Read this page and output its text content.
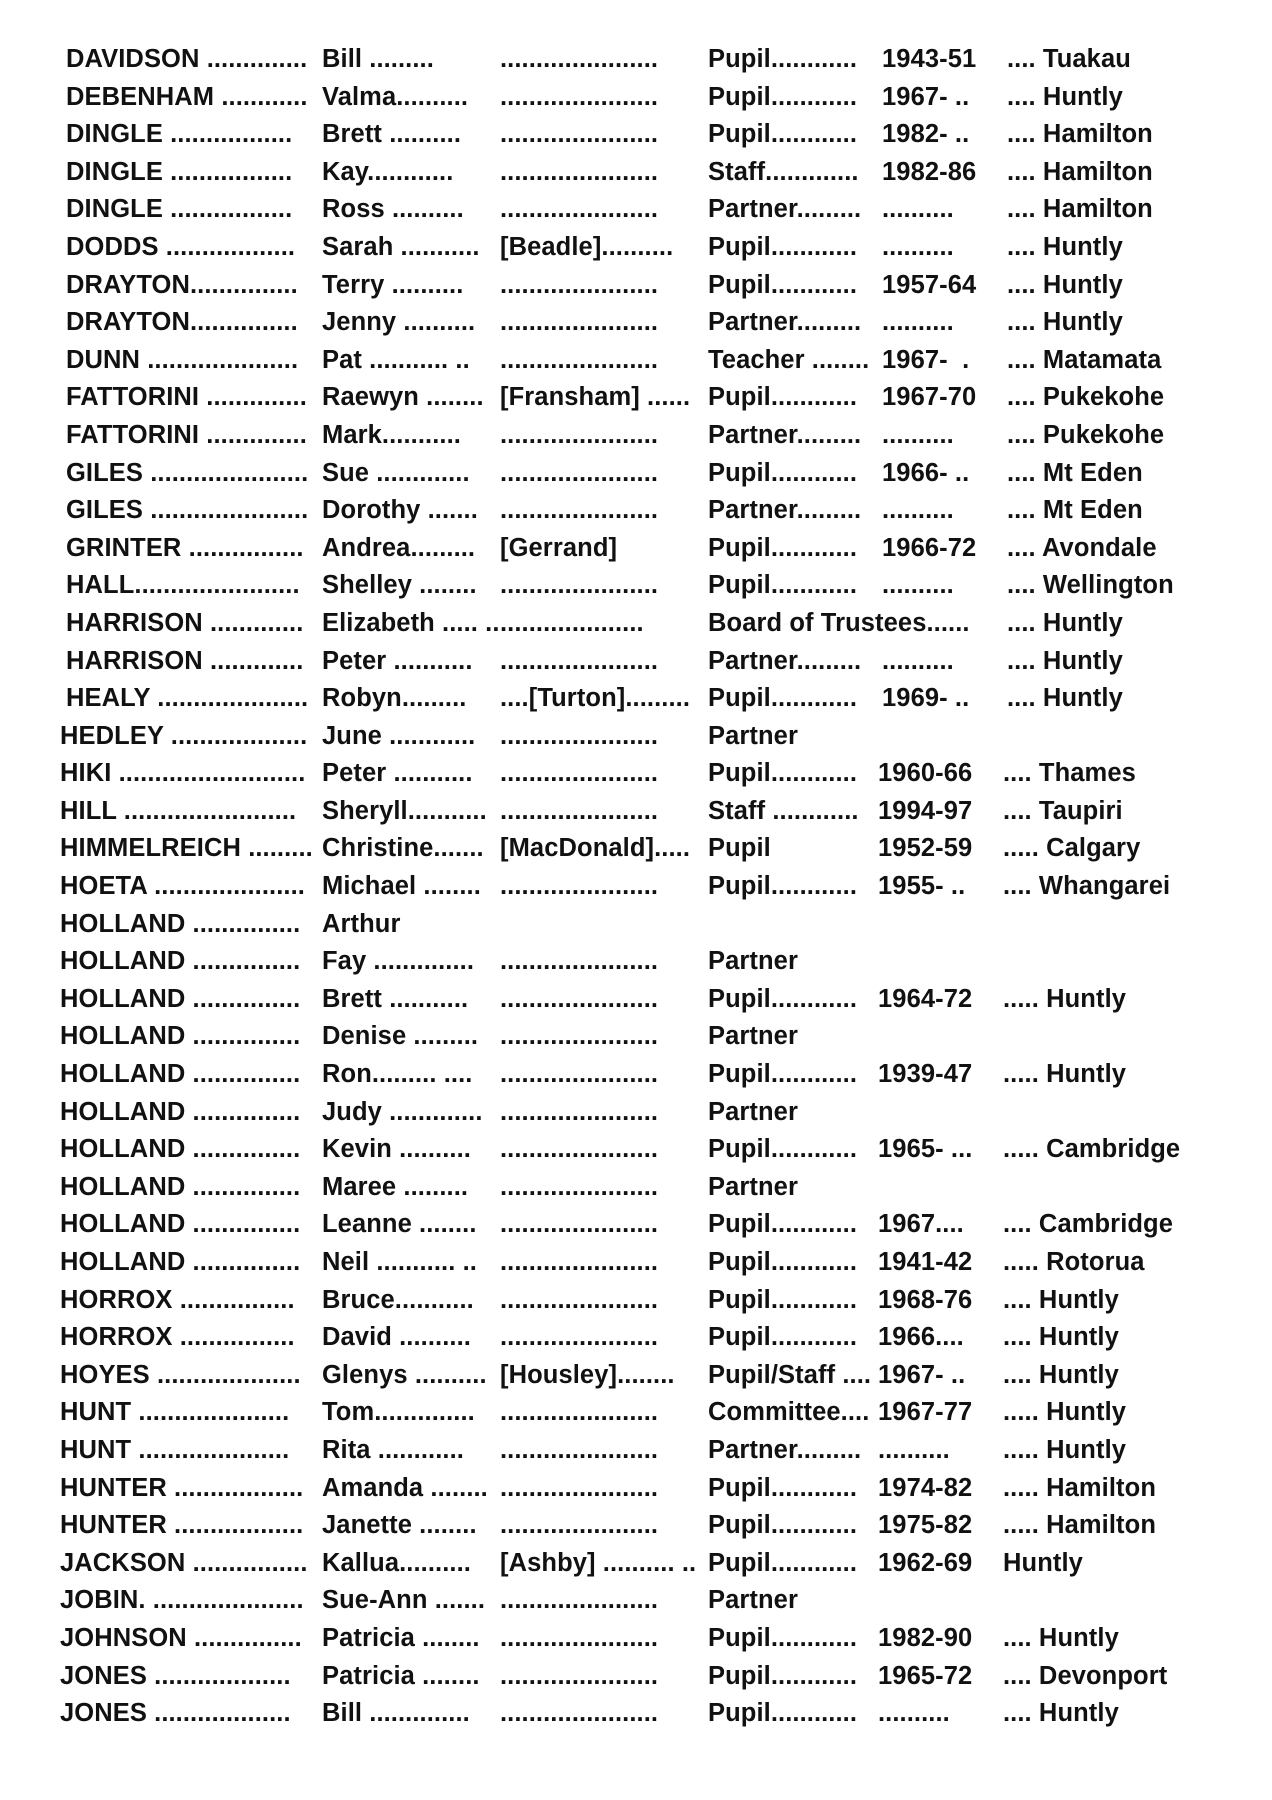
DAVIDSON .............. Bill .........	...................... Pupil............ 1943-51 .... Tuakau
DEBENHAM ............ Valma.......... ...................... Pupil............ 1967- .. .... Huntly
DINGLE ................. Brett .......... ...................... Pupil............ 1982- .. .... Hamilton
DINGLE ................. Kay............ ...................... Staff............. 1982-86 .... Hamilton
DINGLE ................. Ross .......... ...................... Partner......... .......... .... Hamilton
DODDS .................. Sarah ........... [Beadle].......... Pupil............ .......... .... Huntly
DRAYTON............... Terry .......... ...................... Pupil............ 1957-64 .... Huntly
DRAYTON............... Jenny .......... ...................... Partner......... .......... .... Huntly
DUNN ..................... Pat ........... .. ...................... Teacher ........ 1967-  . .... Matamata
FATTORINI .............. Raewyn ........ [Fransham] ...... Pupil............ 1967-70 .... Pukekohe
FATTORINI .............. Mark........... ...................... Partner......... .......... .... Pukekohe
GILES ...................... Sue ............. ...................... Pupil............ 1966- .. .... Mt Eden
GILES ...................... Dorothy ....... ...................... Partner......... .......... .... Mt Eden
GRINTER ................ Andrea......... [Gerrand]	Pupil............ 1966-72 .... Avondale
HALL....................... Shelley ........ ...................... Pupil............ .......... .... Wellington
HARRISON ............. Elizabeth ..... .. ....................	Board of Trustees...... .... Huntly
HARRISON ............. Peter ........... ...................... Partner......... .......... .... Huntly
HEALY ..................... Robyn......... ....[Turton]......... Pupil............ 1969- .. .... Huntly
HEDLEY ................... June ............ ...................... Partner
HIKI .......................... Peter ........... ...................... Pupil............ 1960-66 .... Thames
HILL ........................ Sheryll........... ...................... Staff ............ 1994-97 .... Taupiri
HIMMELREICH ......... Christine....... [MacDonald]..... Pupil	1952-59 ..... Calgary
HOETA ..................... Michael ........ ...................... Pupil............ 1955- .. .... Whangarei
HOLLAND ............... Arthur
HOLLAND ............... Fay .............. ...................... Partner
HOLLAND ............... Brett ........... ...................... Pupil............ 1964-72 ..... Huntly
HOLLAND ............... Denise ......... ...................... Partner
HOLLAND ............... Ron......... .... ...................... Pupil............ 1939-47 ..... Huntly
HOLLAND ............... Judy ............. ...................... Partner
HOLLAND ............... Kevin .......... ...................... Pupil............ 1965- ... ..... Cambridge
HOLLAND ............... Maree ......... ...................... Partner
HOLLAND ............... Leanne ........ ...................... Pupil............ 1967.... .... Cambridge
HOLLAND ............... Neil ........... .. ...................... Pupil............ 1941-42 ..... Rotorua
HORROX ................ Bruce........... ...................... Pupil............ 1968-76 .... Huntly
HORROX ................ David .......... ...................... Pupil............ 1966.... .... Huntly
HOYES .................... Glenys .......... [Housley]........ Pupil/Staff .... 1967- .. .... Huntly
HUNT ..................... Tom.............. ...................... Committee.... 1967-77 ..... Huntly
HUNT ..................... Rita ............ ...................... Partner......... .......... ..... Huntly
HUNTER .................. Amanda ........ ...................... Pupil............ 1974-82 ..... Hamilton
HUNTER .................. Janette ........ ...................... Pupil............ 1975-82 ..... Hamilton
JACKSON ................ Kallua.......... [Ashby] .......... .. Pupil............ 1962-69 Huntly
JOBIN. ..................... Sue-Ann ....... ...................... Partner
JOHNSON ............... Patricia ........ ...................... Pupil............ 1982-90 .... Huntly
JONES ................... Patricia ........ ...................... Pupil............ 1965-72 .... Devonport
JONES ................... Bill .............. ...................... Pupil............ .......... .... Huntly
